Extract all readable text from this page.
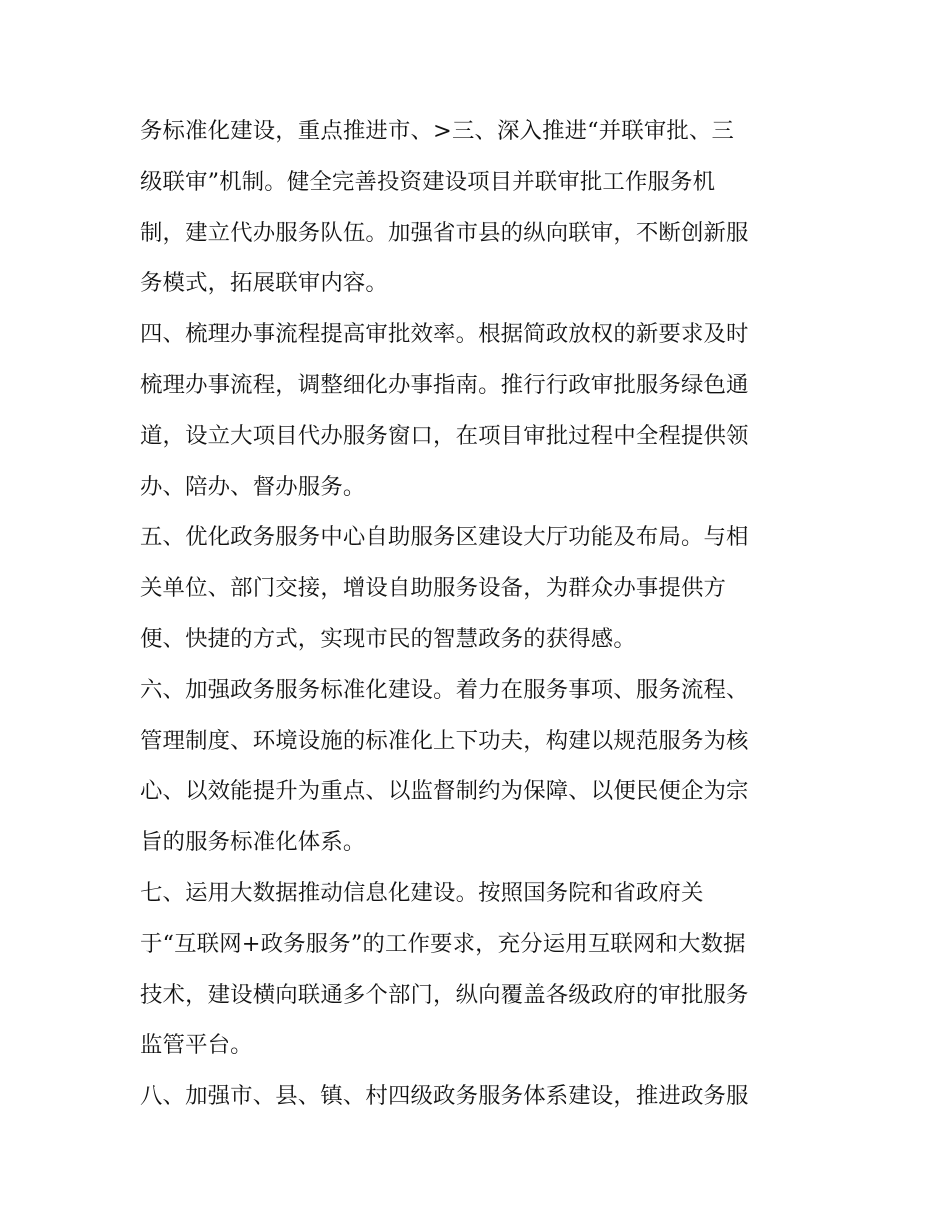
务标准化建设，重点推进市、>三、深入推进“并联审批、三
级联审”机制。健全完善投资建设项目并联审批工作服务机
制，建立代办服务队伍。加强省市县的纵向联审，不断创新服
务模式，拓展联审内容。
四、梳理办事流程提高审批效率。根据简政放权的新要求及时
梳理办事流程，调整细化办事指南。推行行政审批服务绿色通
道，设立大项目代办服务窗口，在项目审批过程中全程提供领
办、陪办、督办服务。
五、优化政务服务中心自助服务区建设大厅功能及布局。与相
关单位、部门交接，增设自助服务设备，为群众办事提供方
便、快捷的方式，实现市民的智慧政务的获得感。
六、加强政务服务标准化建设。着力在服务事项、服务流程、
管理制度、环境设施的标准化上下功夫，构建以规范服务为核
心、以效能提升为重点、以监督制约为保障、以便民便企为宗
旨的服务标准化体系。
七、运用大数据推动信息化建设。按照国务院和省政府关
于“互联网+政务服务”的工作要求，充分运用互联网和大数据
技术，建设横向联通多个部门，纵向覆盖各级政府的审批服务
监管平台。
八、加强市、县、镇、村四级政务服务体系建设，推进政务服
